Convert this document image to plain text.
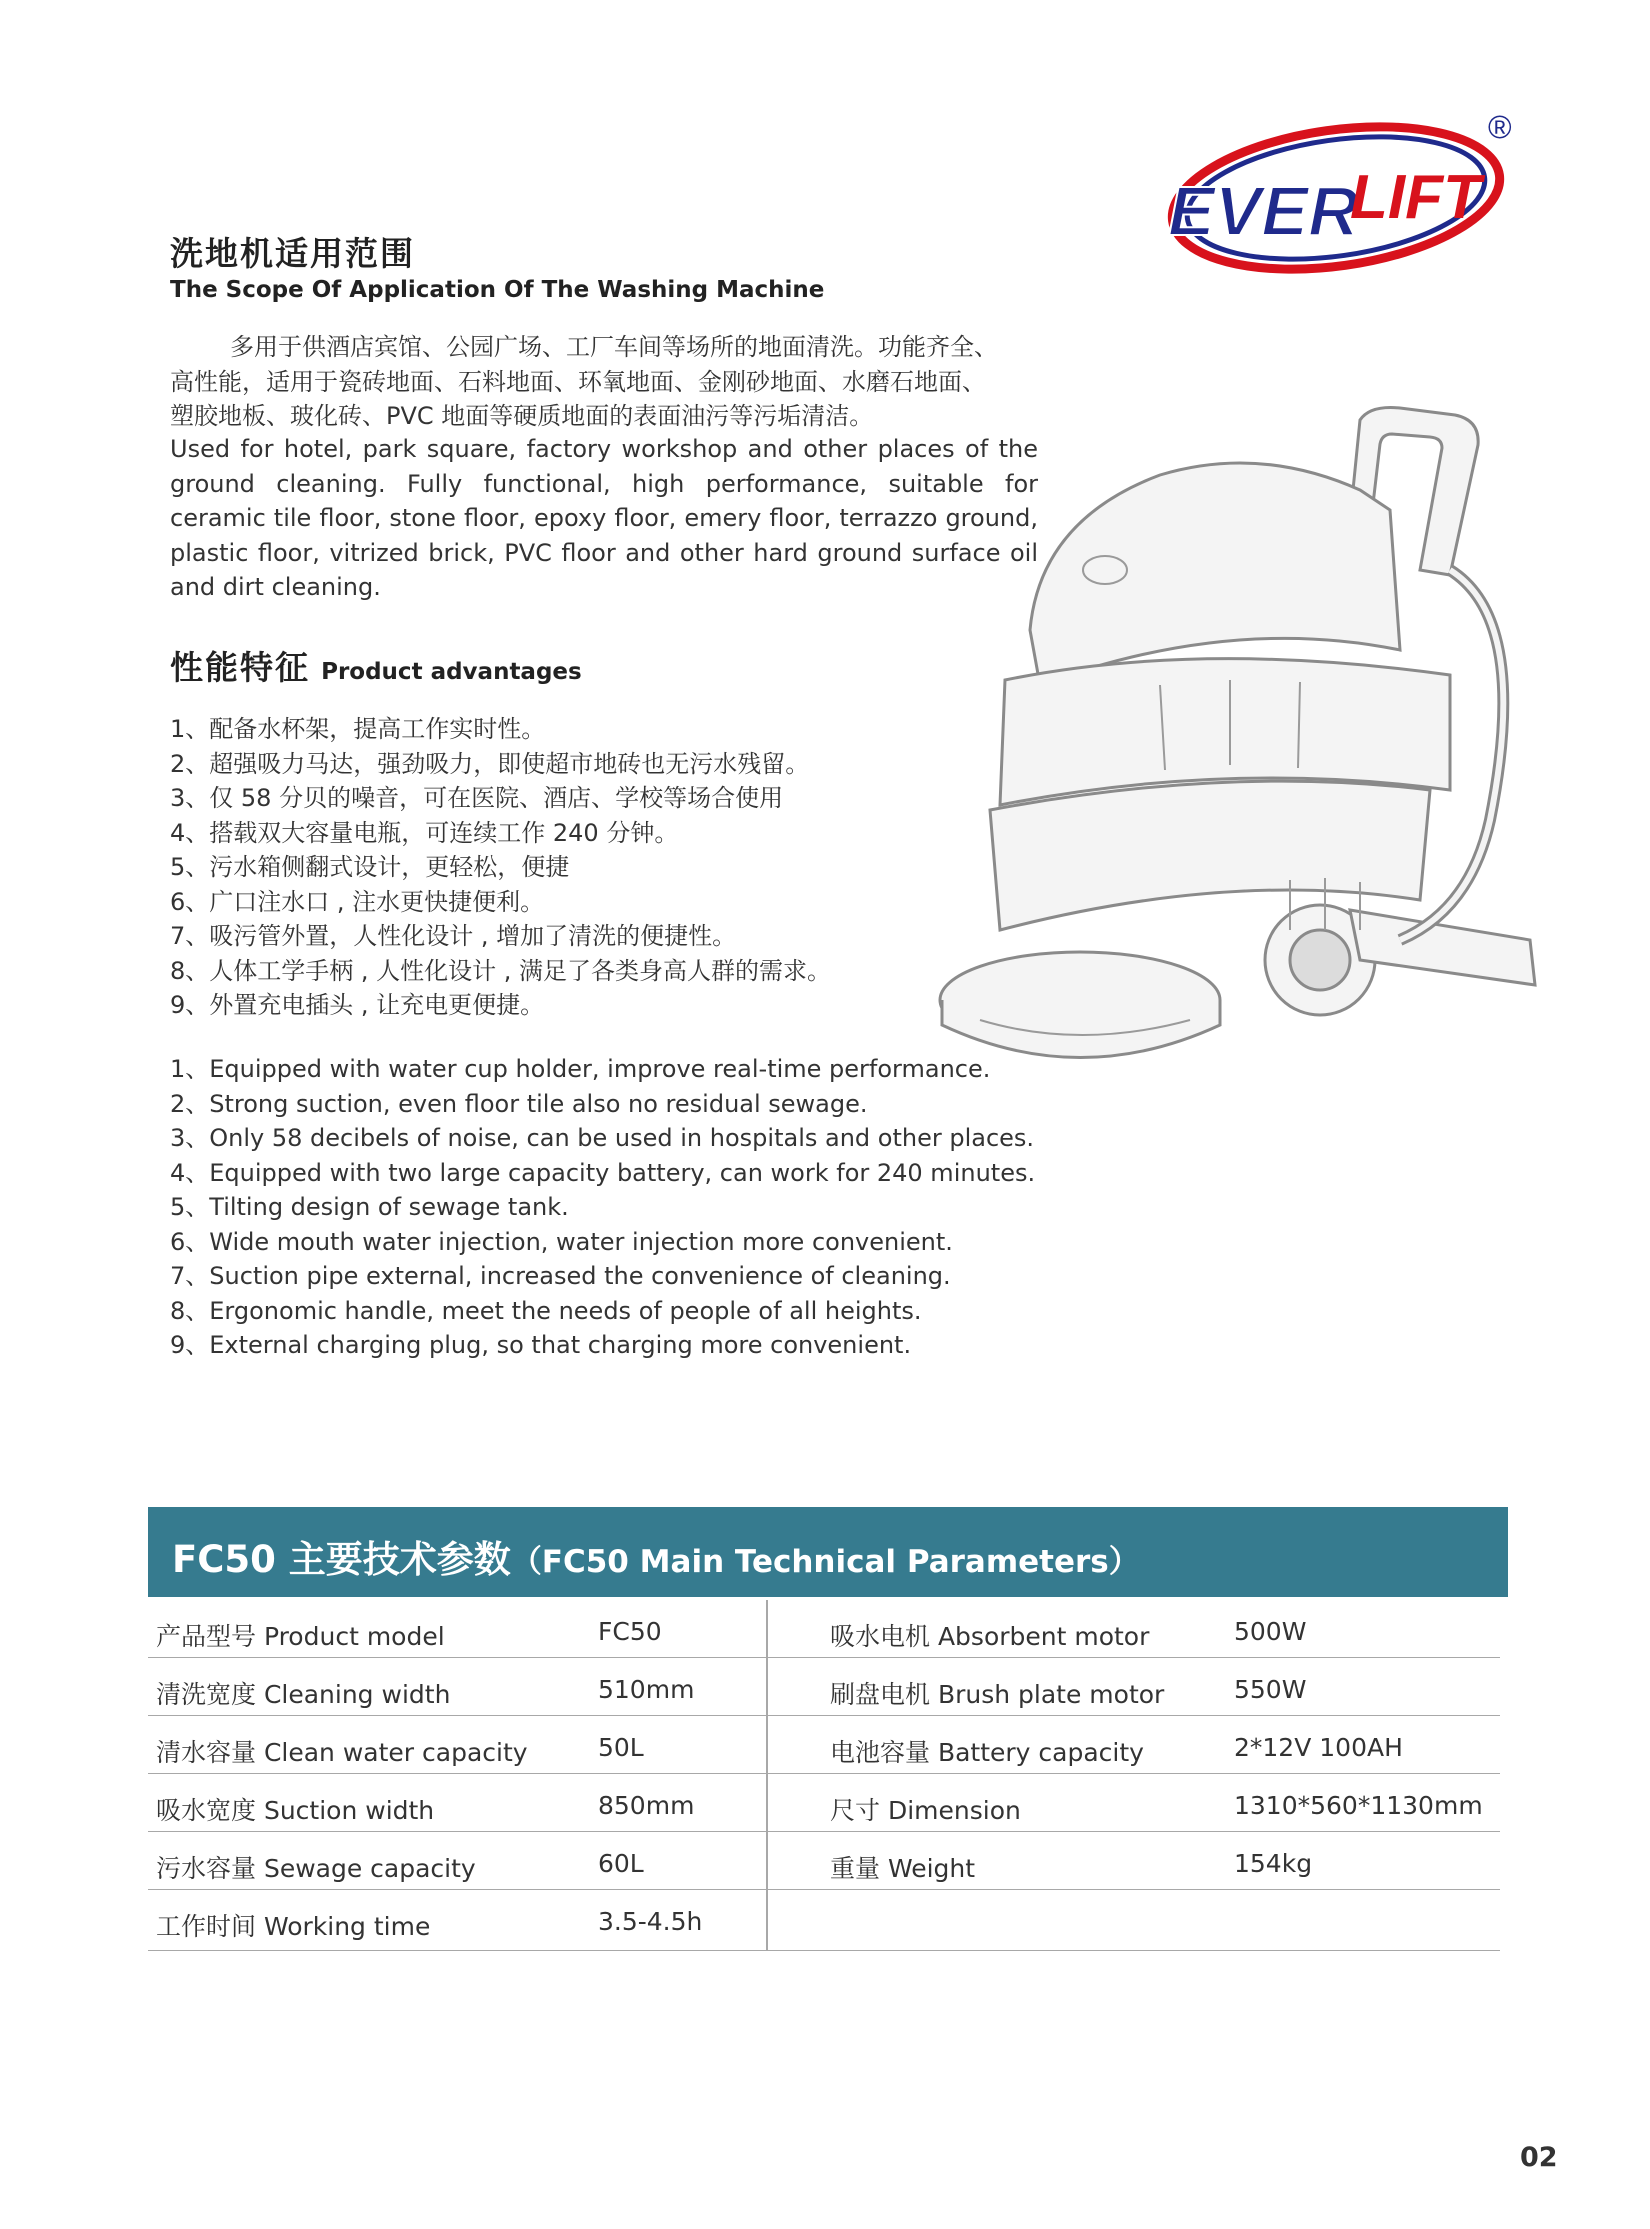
EVER
LIFT
®
洗地机适用范围
The Scope Of Application Of The Washing Machine

多用于供酒店宾馆、公园广场、工厂车间等场所的地面清洗。功能齐全、

高性能，适用于瓷砖地面、石料地面、环氧地面、金刚砂地面、水磨石地面、

塑胶地板、玻化砖、PVC 地面等硬质地面的表面油污等污垢清洁。

Used for hotel, park square, factory workshop and other places of the ground cleaning. Fully functional, high performance, suitable for ceramic tile floor, stone floor, epoxy floor, emery floor, terrazzo ground, plastic floor, vitrized brick, PVC floor and other hard ground surface oil and dirt cleaning.
性能特征 Product advantages
1、配备水杯架，提高工作实时性。
2、超强吸力马达，强劲吸力，即使超市地砖也无污水残留。
3、仅 58 分贝的噪音，可在医院、酒店、学校等场合使用
4、搭载双大容量电瓶，可连续工作 240 分钟。
5、污水箱侧翻式设计，更轻松，便捷
6、广口注水口 , 注水更快捷便利。
7、吸污管外置，人性化设计 , 增加了清洗的便捷性。
8、人体工学手柄 , 人性化设计 , 满足了各类身高人群的需求。
9、外置充电插头 , 让充电更便捷。
1、Equipped with water cup holder, improve real-time performance.
2、Strong suction, even floor tile also no residual sewage.
3、Only 58 decibels of noise, can be used in hospitals and other places.
4、Equipped with two large capacity battery, can work for 240 minutes.
5、Tilting design of sewage tank.
6、Wide mouth water injection, water injection more convenient.
7、Suction pipe external, increased the convenience of cleaning.
8、Ergonomic handle, meet the needs of people of all heights.
9、External charging plug, so that charging more convenient.
FC50 主要技术参数（FC50 Main Technical Parameters）
产品型号 Product model	FC50	吸水电机 Absorbent motor	500W
清洗宽度 Cleaning width	510mm	刷盘电机 Brush plate motor	550W
清水容量 Clean water capacity	50L	电池容量 Battery capacity	2*12V 100AH
吸水宽度 Suction width	850mm	尺寸 Dimension	1310*560*1130mm
污水容量 Sewage capacity	60L	重量 Weight	154kg
工作时间 Working time	3.5-4.5h
02
